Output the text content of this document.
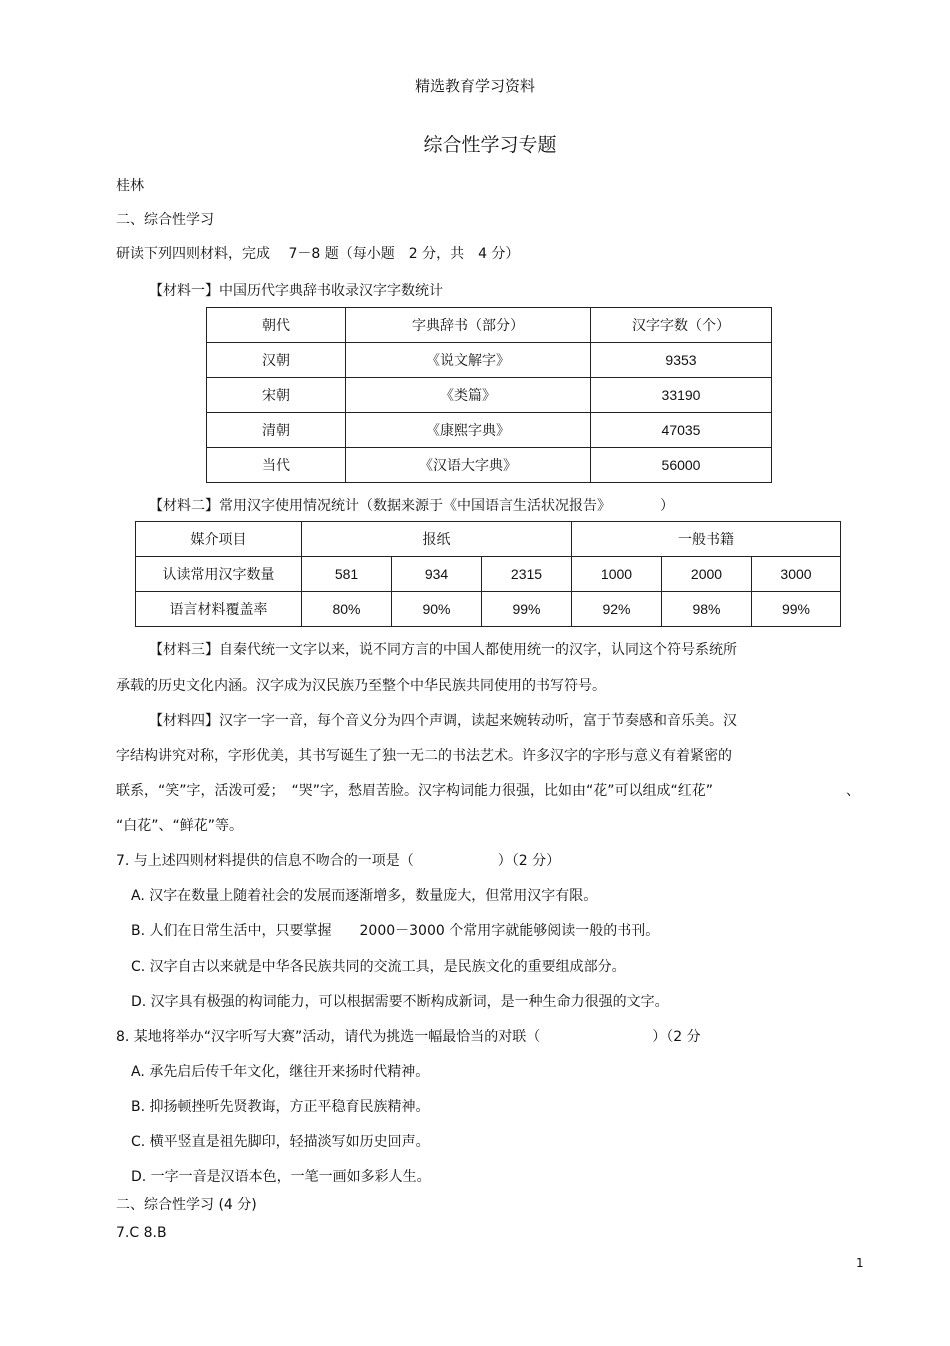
精选教育学习资料
综合性学习专题
桂林
二、综合性学习
研读下列四则材料，完成　 7－8 题（每小题　2 分，共　4 分）
【材料一】中国历代字典辞书收录汉字字数统计
朝代	字典辞书（部分）	汉字字数（个）
汉朝	《说文解字》	9353
宋朝	《类篇》	33190
清朝	《康熙字典》	47035
当代	《汉语大字典》	56000
【材料二】常用汉字使用情况统计（数据来源于《中国语言生活状况报告》　　　　）
媒介项目	报纸			一般书籍		
认读常用汉字数量	581	934	2315	1000	2000	3000
语言材料覆盖率	80%	90%	99%	92%	98%	99%
【材料三】自秦代统一文字以来，说不同方言的中国人都使用统一的汉字，认同这个符号系统所
承载的历史文化内涵。汉字成为汉民族乃至整个中华民族共同使用的书写符号。
【材料四】汉字一字一音，每个音义分为四个声调，读起来婉转动听，富于节奏感和音乐美。汉
字结构讲究对称，字形优美，其书写诞生了独一无二的书法艺术。许多汉字的字形与意义有着紧密的
联系，“笑”字，活泼可爱；　“哭”字，愁眉苦脸。汉字构词能力很强，比如由“花”可以组成“红花”	、
“白花”、“鲜花”等。
7. 与上述四则材料提供的信息不吻合的一项是（　　　　　　）（2 分）
A. 汉字在数量上随着社会的发展而逐渐增多，数量庞大，但常用汉字有限。
B. 人们在日常生活中，只要掌握　　2000－3000 个常用字就能够阅读一般的书刊。
C. 汉字自古以来就是中华各民族共同的交流工具，是民族文化的重要组成部分。
D. 汉字具有极强的构词能力，可以根据需要不断构成新词，是一种生命力很强的文字。
8. 某地将举办“汉字听写大赛”活动，请代为挑选一幅最恰当的对联（　　　　　　　　）（2 分
A. 承先启后传千年文化，继往开来扬时代精神。
B. 抑扬顿挫听先贤教诲，方正平稳育民族精神。
C. 横平竖直是祖先脚印，轻描淡写如历史回声。
D. 一字一音是汉语本色，一笔一画如多彩人生。
二、综合性学习 (4 分)
7.C 8.B
1
